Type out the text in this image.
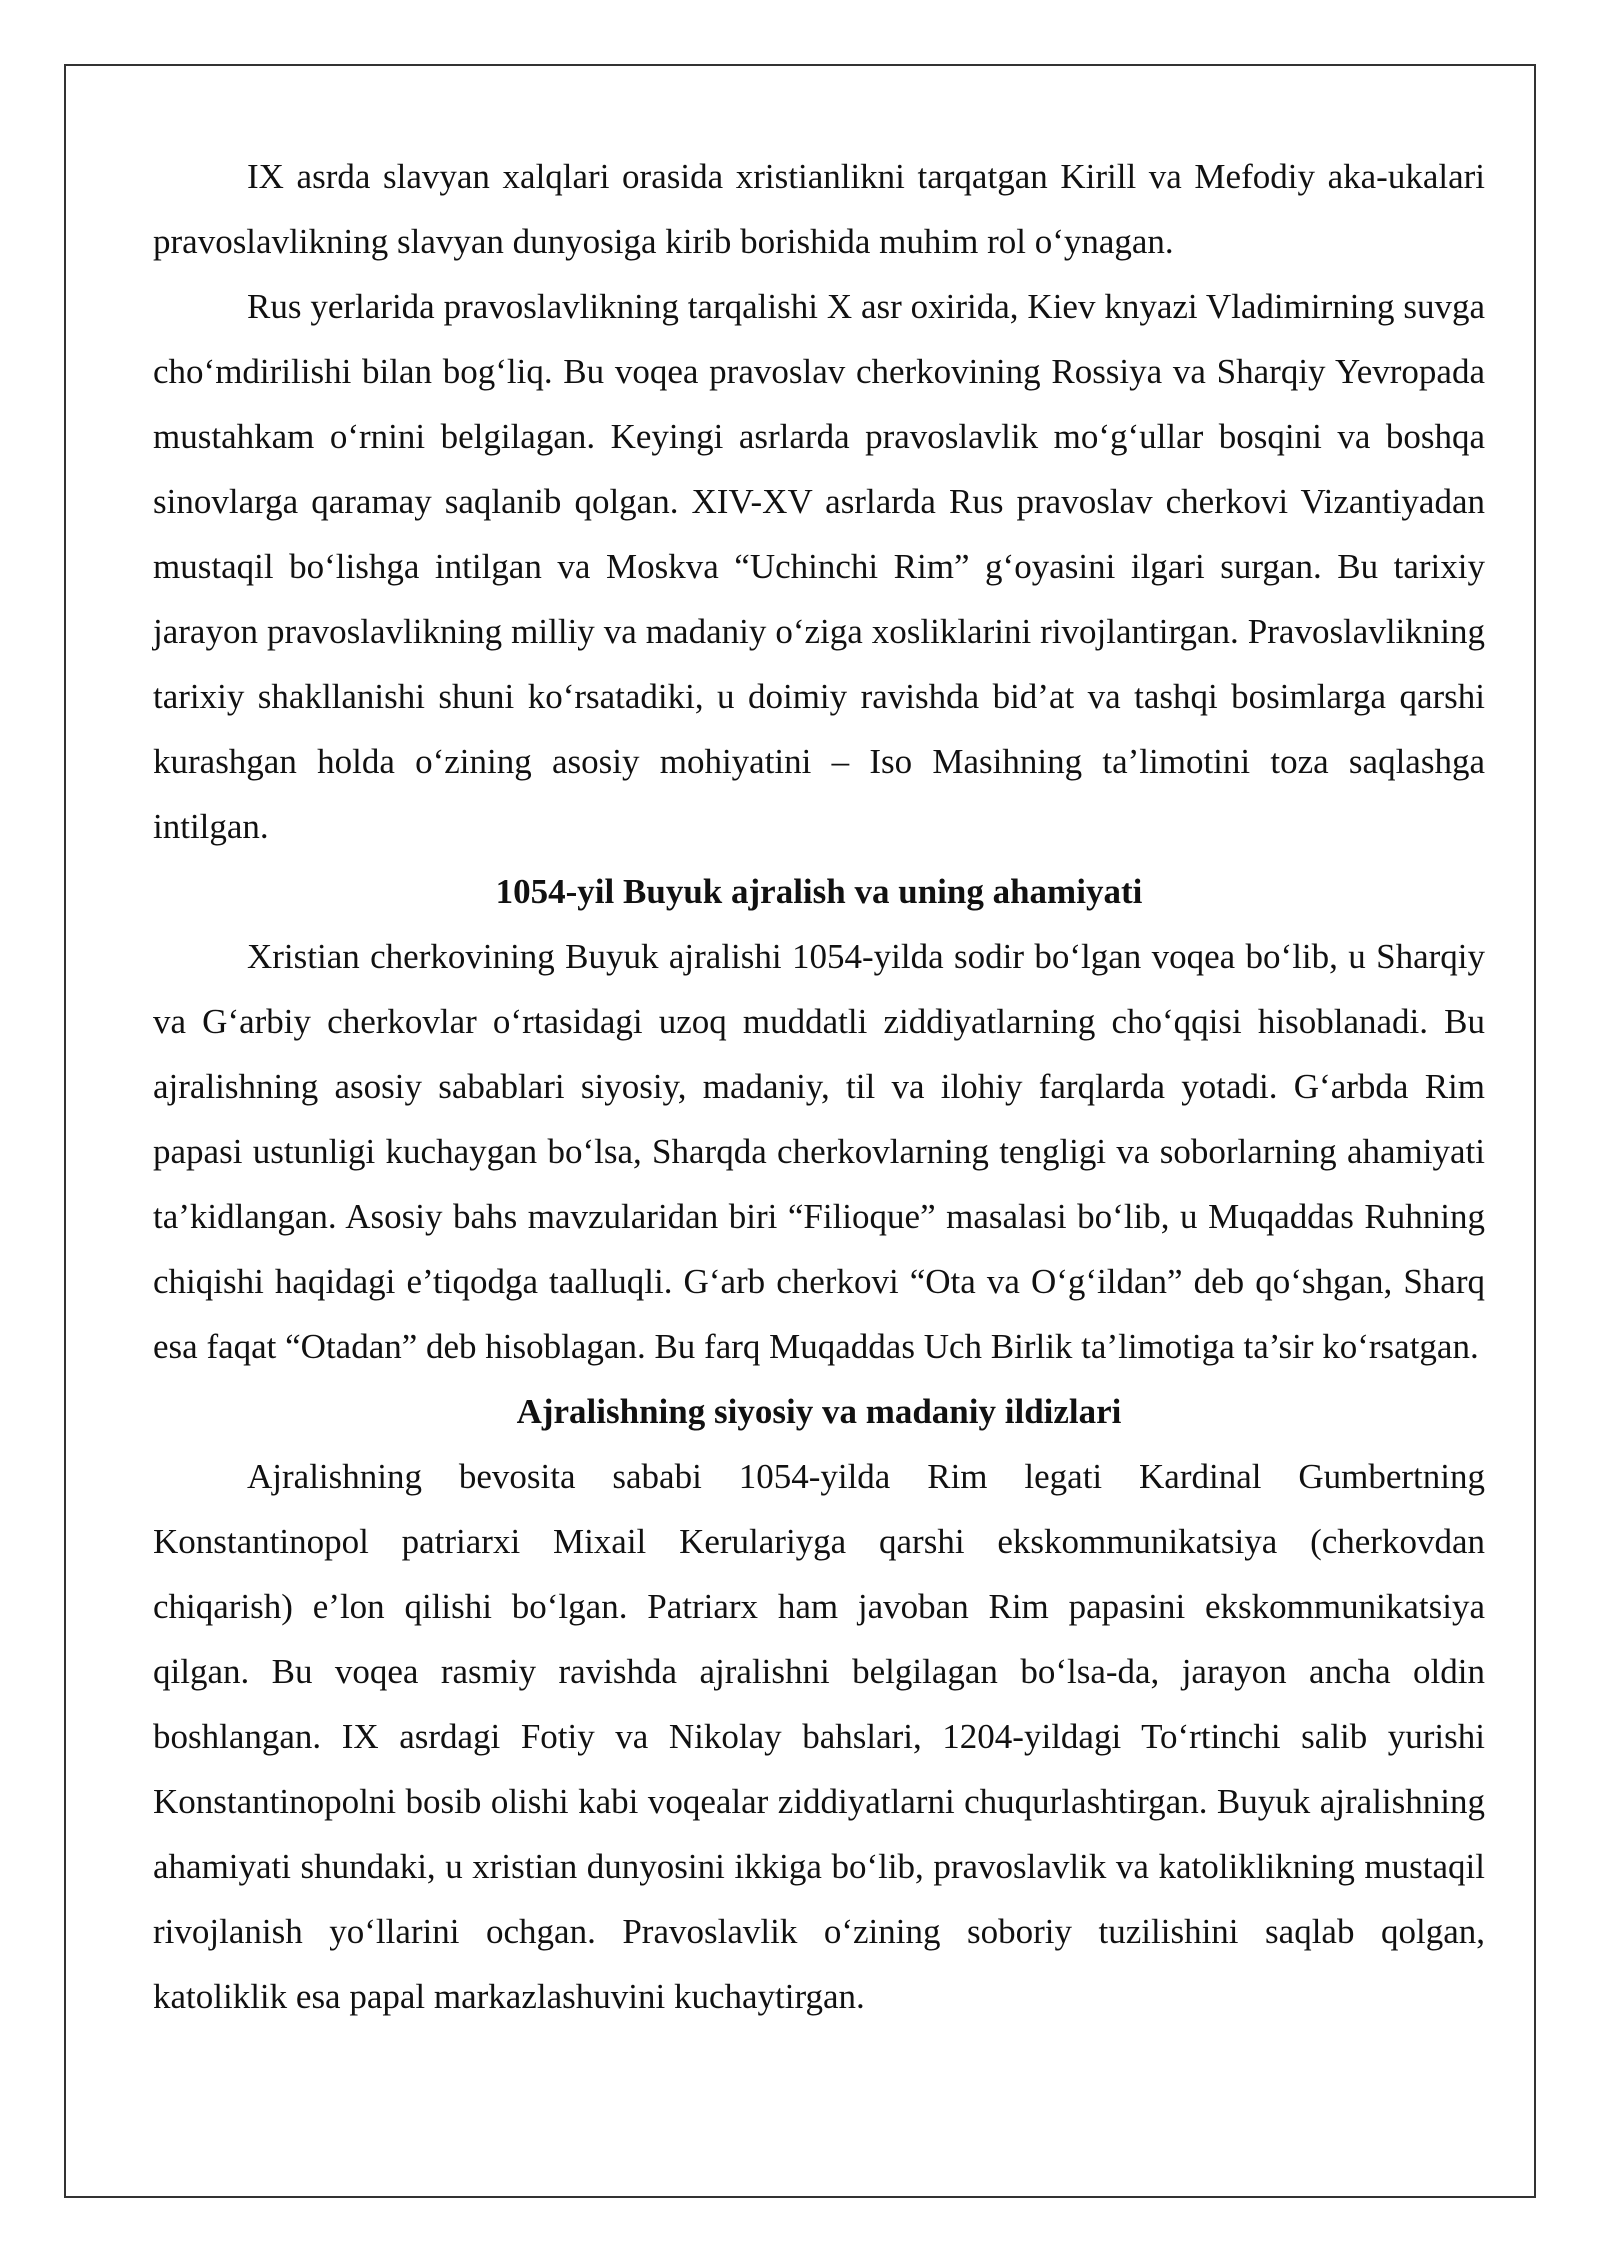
IX asrda slavyan xalqlari orasida xristianlikni tarqatgan Kirill va Mefodiy aka-ukalari pravoslavlikning slavyan dunyosiga kirib borishida muhim rol oʻynagan.

Rus yerlarida pravoslavlikning tarqalishi X asr oxirida, Kiev knyazi Vladimirning suvga choʻmdirilishi bilan bogʻliq. Bu voqea pravoslav cherkovining Rossiya va Sharqiy Yevropada mustahkam oʻrnini belgilagan. Keyingi asrlarda pravoslavlik moʻgʻullar bosqini va boshqa sinovlarga qaramay saqlanib qolgan. XIV-XV asrlarda Rus pravoslav cherkovi Vizantiyadan mustaqil boʻlishga intilgan va Moskva “Uchinchi Rim” gʻoyasini ilgari surgan. Bu tarixiy jarayon pravoslavlikning milliy va madaniy oʻziga xosliklarini rivojlantirgan. Pravoslavlikning tarixiy shakllanishi shuni koʻrsatadiki, u doimiy ravishda bid’at va tashqi bosimlarga qarshi kurashgan holda oʻzining asosiy mohiyatini – Iso Masihning ta’limotini toza saqlashga intilgan.

1054-yil Buyuk ajralish va uning ahamiyati

Xristian cherkovining Buyuk ajralishi 1054-yilda sodir boʻlgan voqea boʻlib, u Sharqiy va Gʻarbiy cherkovlar oʻrtasidagi uzoq muddatli ziddiyatlarning choʻqqisi hisoblanadi. Bu ajralishning asosiy sabablari siyosiy, madaniy, til va ilohiy farqlarda yotadi. Gʻarbda Rim papasi ustunligi kuchaygan boʻlsa, Sharqda cherkovlarning tengligi va soborlarning ahamiyati ta’kidlangan. Asosiy bahs mavzularidan biri “Filioque” masalasi boʻlib, u Muqaddas Ruhning chiqishi haqidagi e’tiqodga taalluqli. Gʻarb cherkovi “Ota va Oʻgʻildan” deb qoʻshgan, Sharq esa faqat “Otadan” deb hisoblagan. Bu farq Muqaddas Uch Birlik ta’limotiga ta’sir koʻrsatgan.

Ajralishning siyosiy va madaniy ildizlari

Ajralishning bevosita sababi 1054-yilda Rim legati Kardinal Gumbertning Konstantinopol patriarxi Mixail Kerulariyga qarshi ekskommunikatsiya (cherkovdan chiqarish) e’lon qilishi boʻlgan. Patriarx ham javoban Rim papasini ekskommunikatsiya qilgan. Bu voqea rasmiy ravishda ajralishni belgilagan boʻlsa-da, jarayon ancha oldin boshlangan. IX asrdagi Fotiy va Nikolay bahslari, 1204-yildagi Toʻrtinchi salib yurishi Konstantinopolni bosib olishi kabi voqealar ziddiyatlarni chuqurlashtirgan. Buyuk ajralishning ahamiyati shundaki, u xristian dunyosini ikkiga boʻlib, pravoslavlik va katoliklikning mustaqil rivojlanish yoʻllarini ochgan. Pravoslavlik oʻzining soboriy tuzilishini saqlab qolgan, katoliklik esa papal markazlashuvini kuchaytirgan.
